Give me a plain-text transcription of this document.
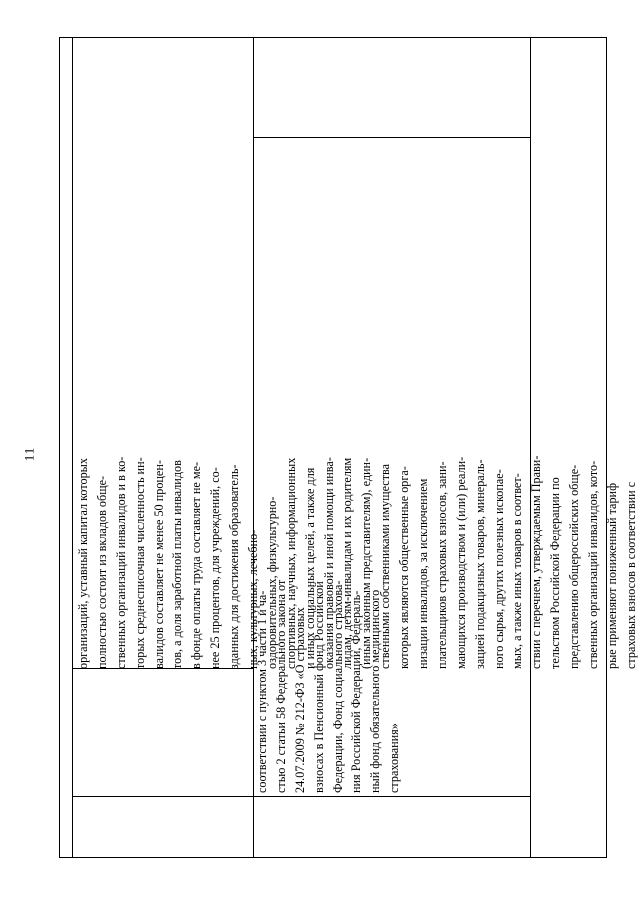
11
организаций, уставный капитал которых полностью состоит из вкладов обще- ственных организаций инвалидов и в ко- торых среднесписочная численность ин- валидов составляет не менее 50 процен- тов, а доля заработной платы инвалидов в фонде оплаты труда составляет не ме- нее 25 процентов, для учреждений, со- зданных для достижения образователь- ных, культурных, лечебно- оздоровительных, физкультурно- спортивных, научных, информационных и иных социальных целей, а также для оказания правовой и иной помощи инва- лидам, детям-инвалидам и их родителям (иным законным представителям), един- ственными собственниками имущества которых являются общественные орга- низации инвалидов, за исключением плательщиков страховых взносов, зани- мающихся производством и (или) реали- зацией подакцизных товаров, минераль- ного сырья, других полезных ископае- мых, а также иных товаров в соответ- ствии с перечнем, утверждаемым Прави- тельством Российской Федерации по представлению общероссийских обще- ственных организаций инвалидов, кото- рые применяют пониженный тариф страховых взносов в соответствии с
соответствии с пунктом 3 части 1 и ча- стью 2 статьи 58 Федерального закона от 24.07.2009 № 212-ФЗ «О страховых взносах в Пенсионный фонд Российской Федерации, Фонд социального страхова- ния Российской Федерации, Федераль- ный фонд обязательного медицинского страхования»
